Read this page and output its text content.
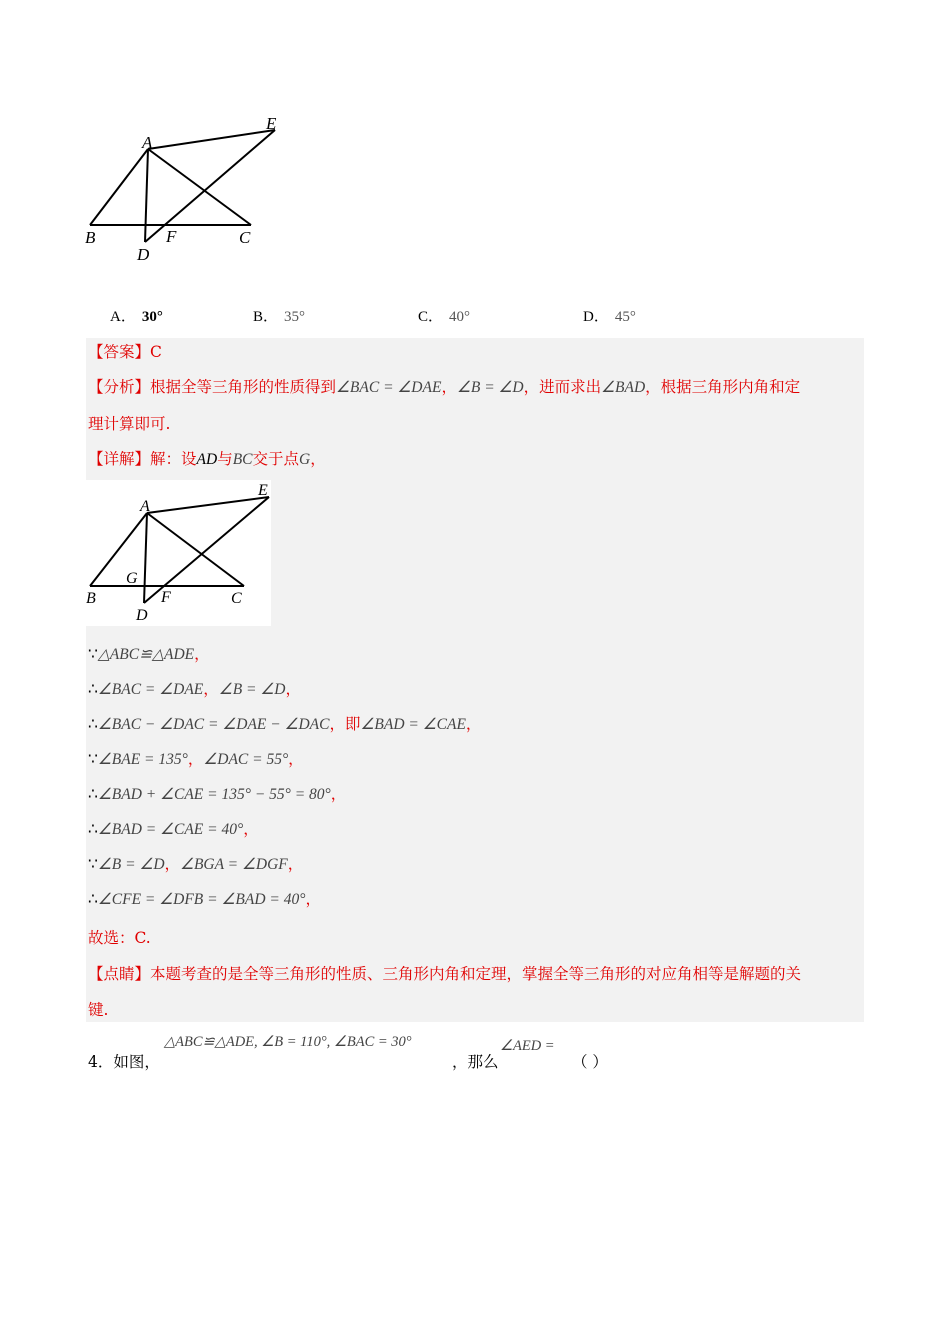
A
E
B	F	C
D
A． 30°	B． 35°	C． 40°	D． 45°
【答案】C
【分析】根据全等三角形的性质得到∠BAC = ∠DAE，∠B = ∠D，进而求出∠BAD，根据三角形内角和定
理计算即可.
【详解】解：设AD与BC交于点G，
A
E
G
B	F	C
D
∵△ABC≌△ADE，
∴∠BAC = ∠DAE，∠B = ∠D，
∴∠BAC − ∠DAC = ∠DAE − ∠DAC，即∠BAD = ∠CAE，
∵∠BAE = 135°，∠DAC = 55°，
∴∠BAD + ∠CAE = 135° − 55° = 80°，
∴∠BAD = ∠CAE = 40°，
∵∠B = ∠D，∠BGA = ∠DGF，
∴∠CFE = ∠DFB = ∠BAD = 40°，
故选：C.
【点睛】本题考查的是全等三角形的性质、三角形内角和定理，掌握全等三角形的对应角相等是解题的关
键.
4．如图，
△ABC≌△ADE, ∠B = 110°, ∠BAC = 30°
，那么
∠AED =
（ ）
